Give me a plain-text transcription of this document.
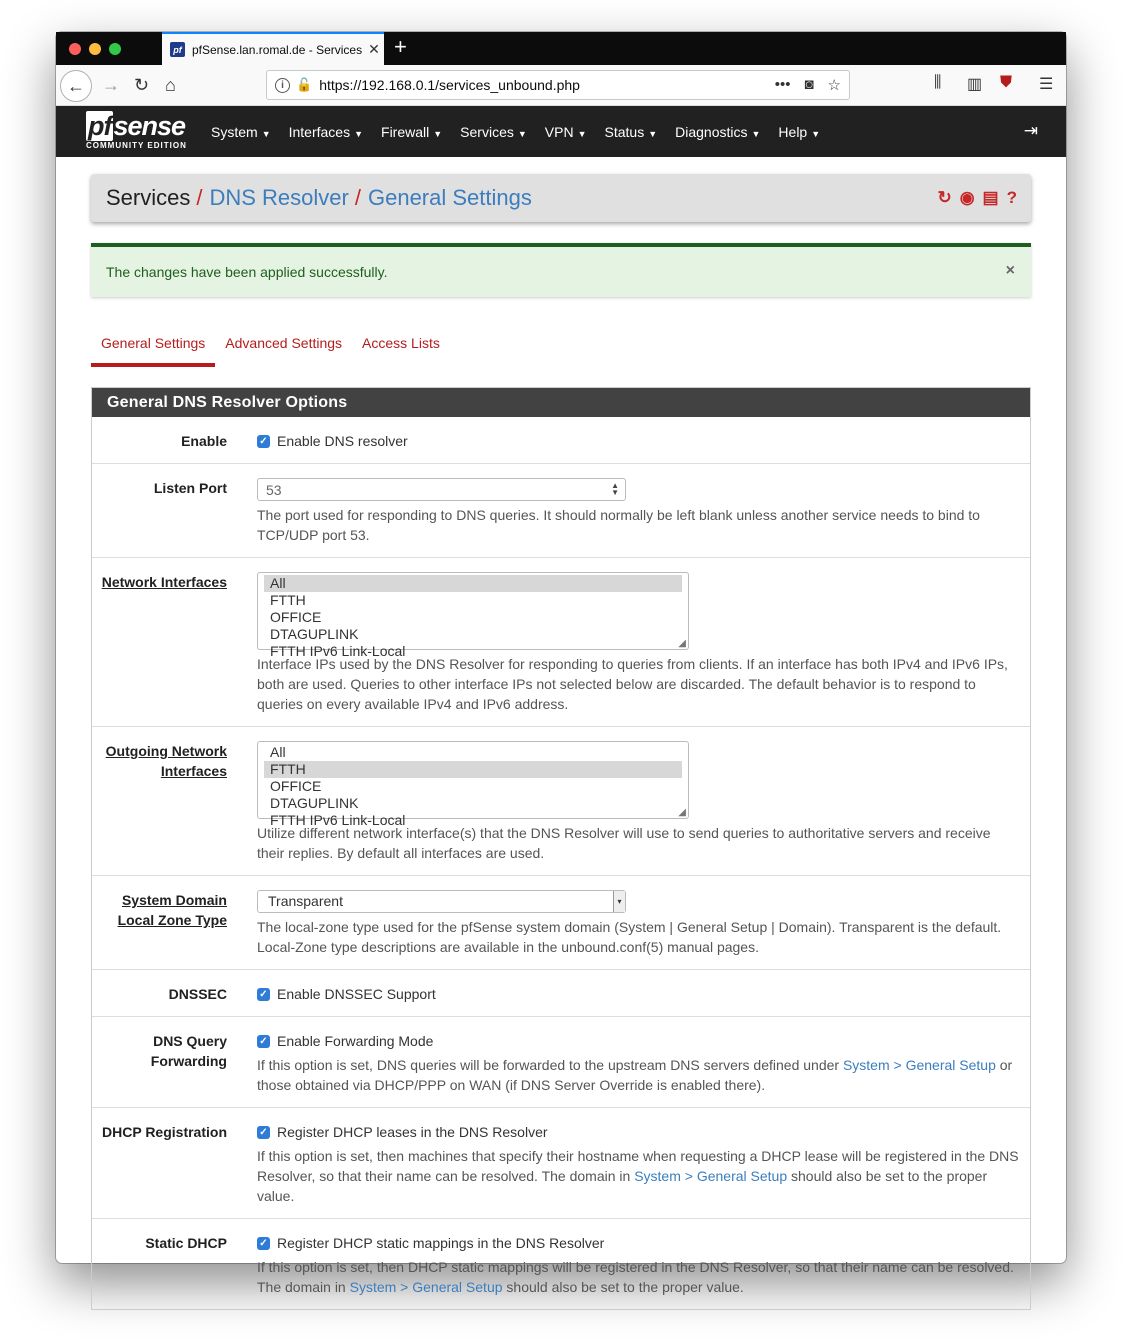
pf pfSense.lan.romal.de - Services ✕ +
← → ↻ ⌂	i 🔓 https://192.168.0.1/services_unbound.php	••• ◙ ☆	⫼ ▥ ⛊ ☰
pfsense
COMMUNITY EDITION
System ▼ Interfaces ▼ Firewall ▼ Services ▼ VPN ▼ Status ▼ Diagnostics ▼ Help ▼	⇥
Services / DNS Resolver / General Settings	↻ ◉ ▤ ?
The changes have been applied successfully.	×
General Settings	Advanced Settings	Access Lists
General DNS Resolver Options
Enable	✓ Enable DNS resolver
Listen Port	53	▲
▼
The port used for responding to DNS queries. It should normally be left blank unless another service needs to bind to TCP/UDP port 53.
Network Interfaces	All
FTTH
OFFICE
DTAGUPLINK
FTTH IPv6 Link-Local	◢
Interface IPs used by the DNS Resolver for responding to queries from clients. If an interface has both IPv4 and IPv6 IPs, both are used. Queries to other interface IPs not selected below are discarded. The default behavior is to respond to queries on every available IPv4 and IPv6 address.
Outgoing Network
Interfaces
All
FTTH
OFFICE
DTAGUPLINK
FTTH IPv6 Link-Local	◢
Utilize different network interface(s) that the DNS Resolver will use to send queries to authoritative servers and receive their replies. By default all interfaces are used.
System Domain
Local Zone Type
Transparent	▾
The local-zone type used for the pfSense system domain (System | General Setup | Domain). Transparent is the default. Local-Zone type descriptions are available in the unbound.conf(5) manual pages.
DNSSEC	✓ Enable DNSSEC Support
DNS Query
Forwarding
✓ Enable Forwarding Mode
If this option is set, DNS queries will be forwarded to the upstream DNS servers defined under System > General Setup or those obtained via DHCP/PPP on WAN (if DNS Server Override is enabled there).
DHCP Registration	✓ Register DHCP leases in the DNS Resolver
If this option is set, then machines that specify their hostname when requesting a DHCP lease will be registered in the DNS Resolver, so that their name can be resolved. The domain in System > General Setup should also be set to the proper value.
Static DHCP	✓ Register DHCP static mappings in the DNS Resolver
If this option is set, then DHCP static mappings will be registered in the DNS Resolver, so that their name can be resolved. The domain in System > General Setup should also be set to the proper value.
